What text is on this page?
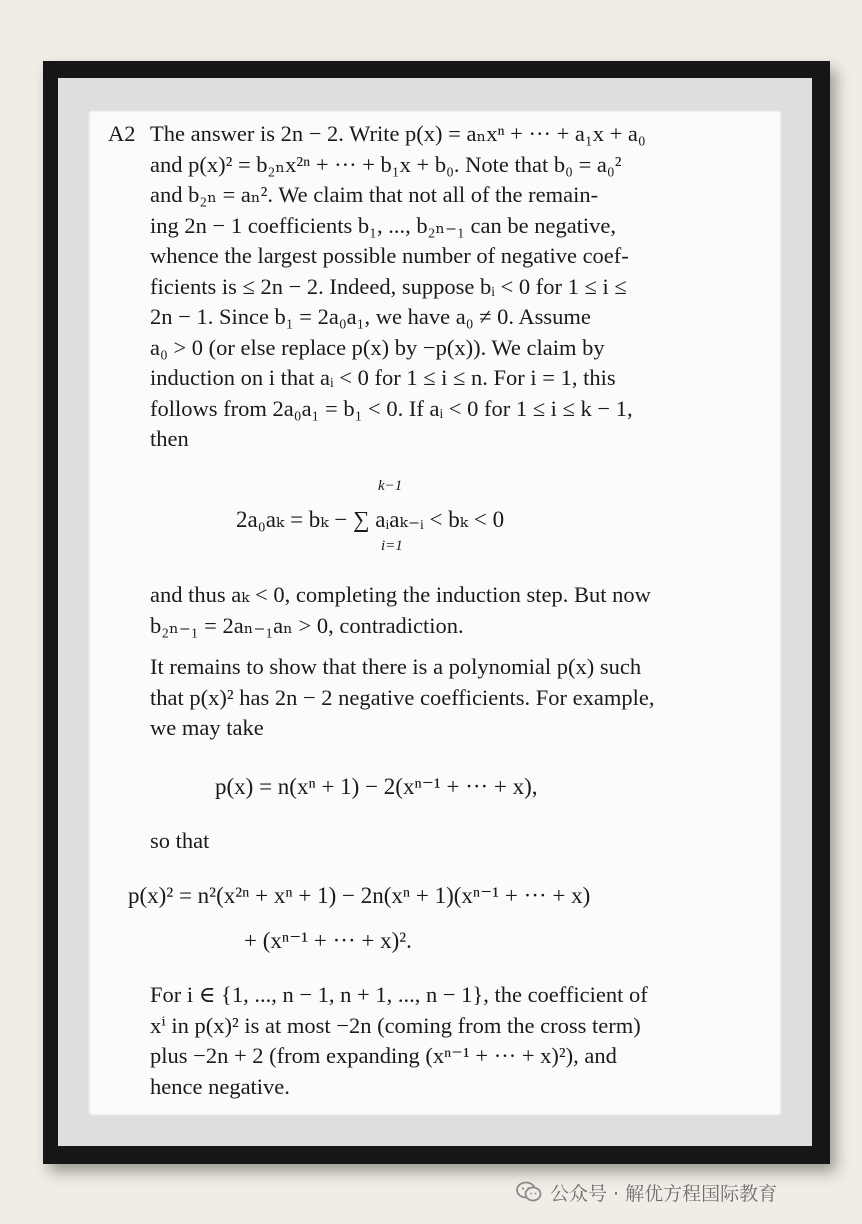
A2 The answer is 2n − 2. Write p(x) = aₙxⁿ + ··· + a₁x + a₀
and p(x)² = b₂ₙx²ⁿ + ··· + b₁x + b₀. Note that b₀ = a₀²
and b₂ₙ = aₙ². We claim that not all of the remain-
ing 2n − 1 coefficients b₁, ..., b₂ₙ₋₁ can be negative,
whence the largest possible number of negative coef-
ficients is ≤ 2n − 2. Indeed, suppose bᵢ < 0 for 1 ≤ i ≤
2n − 1. Since b₁ = 2a₀a₁, we have a₀ ≠ 0. Assume
a₀ > 0 (or else replace p(x) by −p(x)). We claim by
induction on i that aᵢ < 0 for 1 ≤ i ≤ n. For i = 1, this
follows from 2a₀a₁ = b₁ < 0. If aᵢ < 0 for 1 ≤ i ≤ k − 1,
then
k−1
2a₀aₖ = bₖ − ∑ aᵢaₖ₋ᵢ < bₖ < 0
i=1
and thus aₖ < 0, completing the induction step. But now
b₂ₙ₋₁ = 2aₙ₋₁aₙ > 0, contradiction.
It remains to show that there is a polynomial p(x) such
that p(x)² has 2n − 2 negative coefficients. For example,
we may take
p(x) = n(xⁿ + 1) − 2(xⁿ⁻¹ + ··· + x),
so that
p(x)² = n²(x²ⁿ + xⁿ + 1) − 2n(xⁿ + 1)(xⁿ⁻¹ + ··· + x)
+ (xⁿ⁻¹ + ··· + x)².
For i ∈ {1, ..., n − 1, n + 1, ..., n − 1}, the coefficient of
xⁱ in p(x)² is at most −2n (coming from the cross term)
plus −2n + 2 (from expanding (xⁿ⁻¹ + ··· + x)²), and
hence negative.
公众号 · 解优方程国际教育
